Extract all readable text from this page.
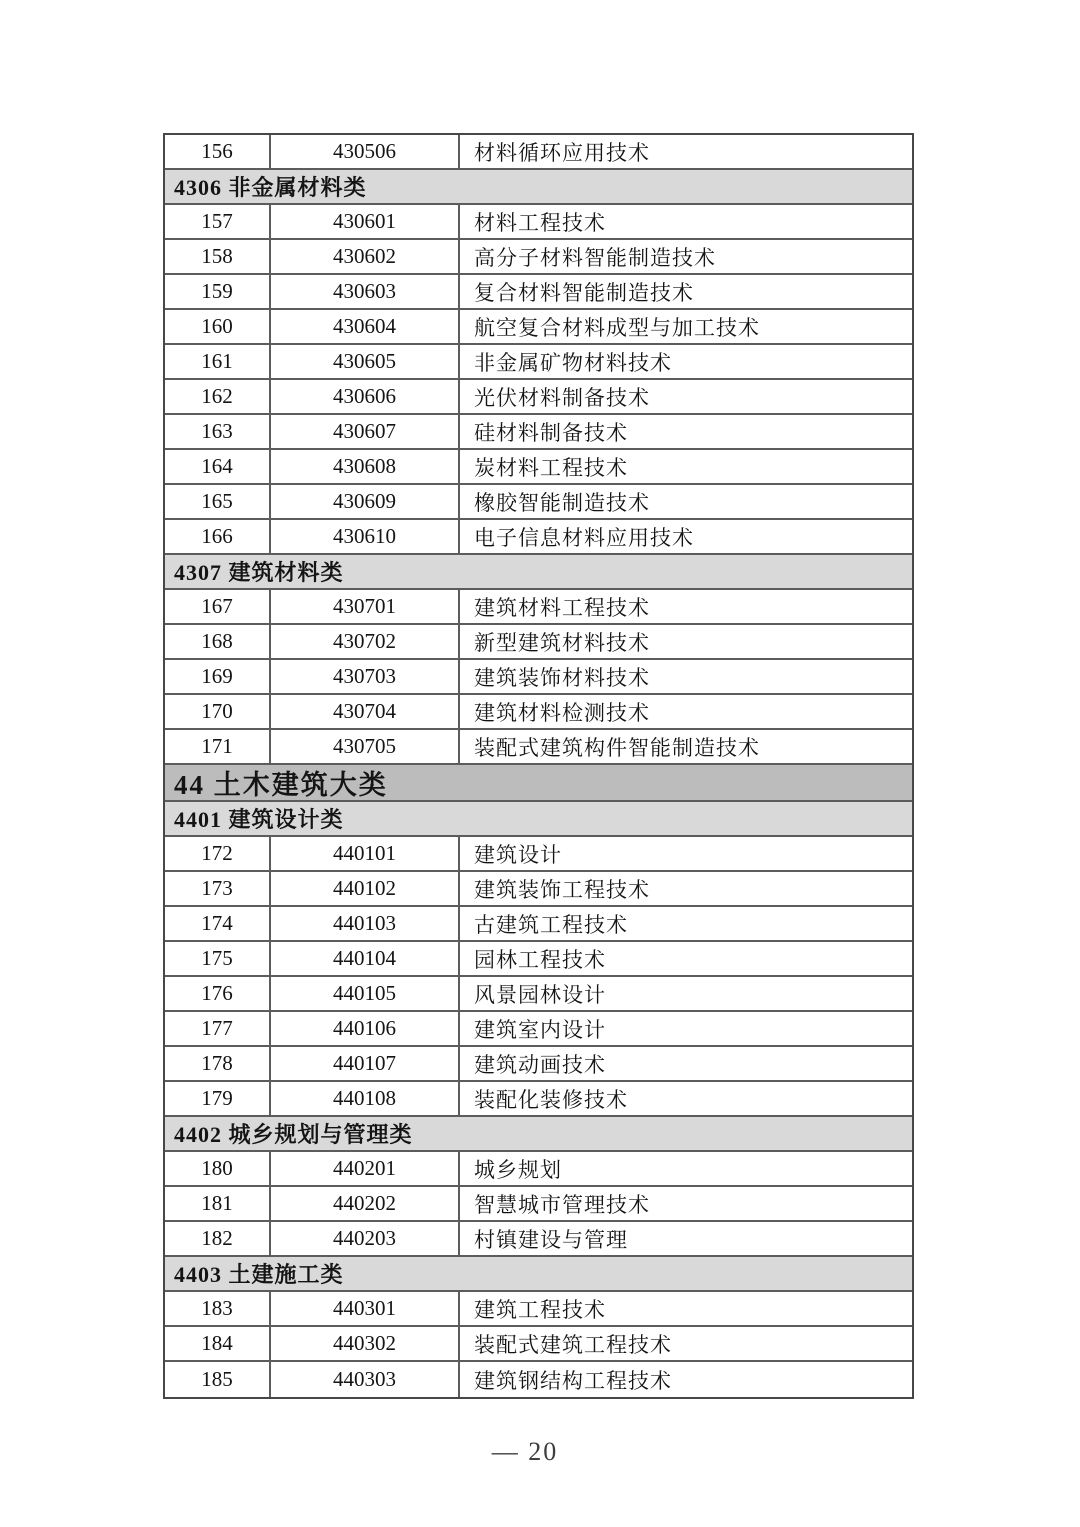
156	430506	材料循环应用技术
4306 非金属材料类
157	430601	材料工程技术
158	430602	高分子材料智能制造技术
159	430603	复合材料智能制造技术
160	430604	航空复合材料成型与加工技术
161	430605	非金属矿物材料技术
162	430606	光伏材料制备技术
163	430607	硅材料制备技术
164	430608	炭材料工程技术
165	430609	橡胶智能制造技术
166	430610	电子信息材料应用技术
4307 建筑材料类
167	430701	建筑材料工程技术
168	430702	新型建筑材料技术
169	430703	建筑装饰材料技术
170	430704	建筑材料检测技术
171	430705	装配式建筑构件智能制造技术
44 土木建筑大类
4401 建筑设计类
172	440101	建筑设计
173	440102	建筑装饰工程技术
174	440103	古建筑工程技术
175	440104	园林工程技术
176	440105	风景园林设计
177	440106	建筑室内设计
178	440107	建筑动画技术
179	440108	装配化装修技术
4402 城乡规划与管理类
180	440201	城乡规划
181	440202	智慧城市管理技术
182	440203	村镇建设与管理
4403 土建施工类
183	440301	建筑工程技术
184	440302	装配式建筑工程技术
185	440303	建筑钢结构工程技术
— 20
